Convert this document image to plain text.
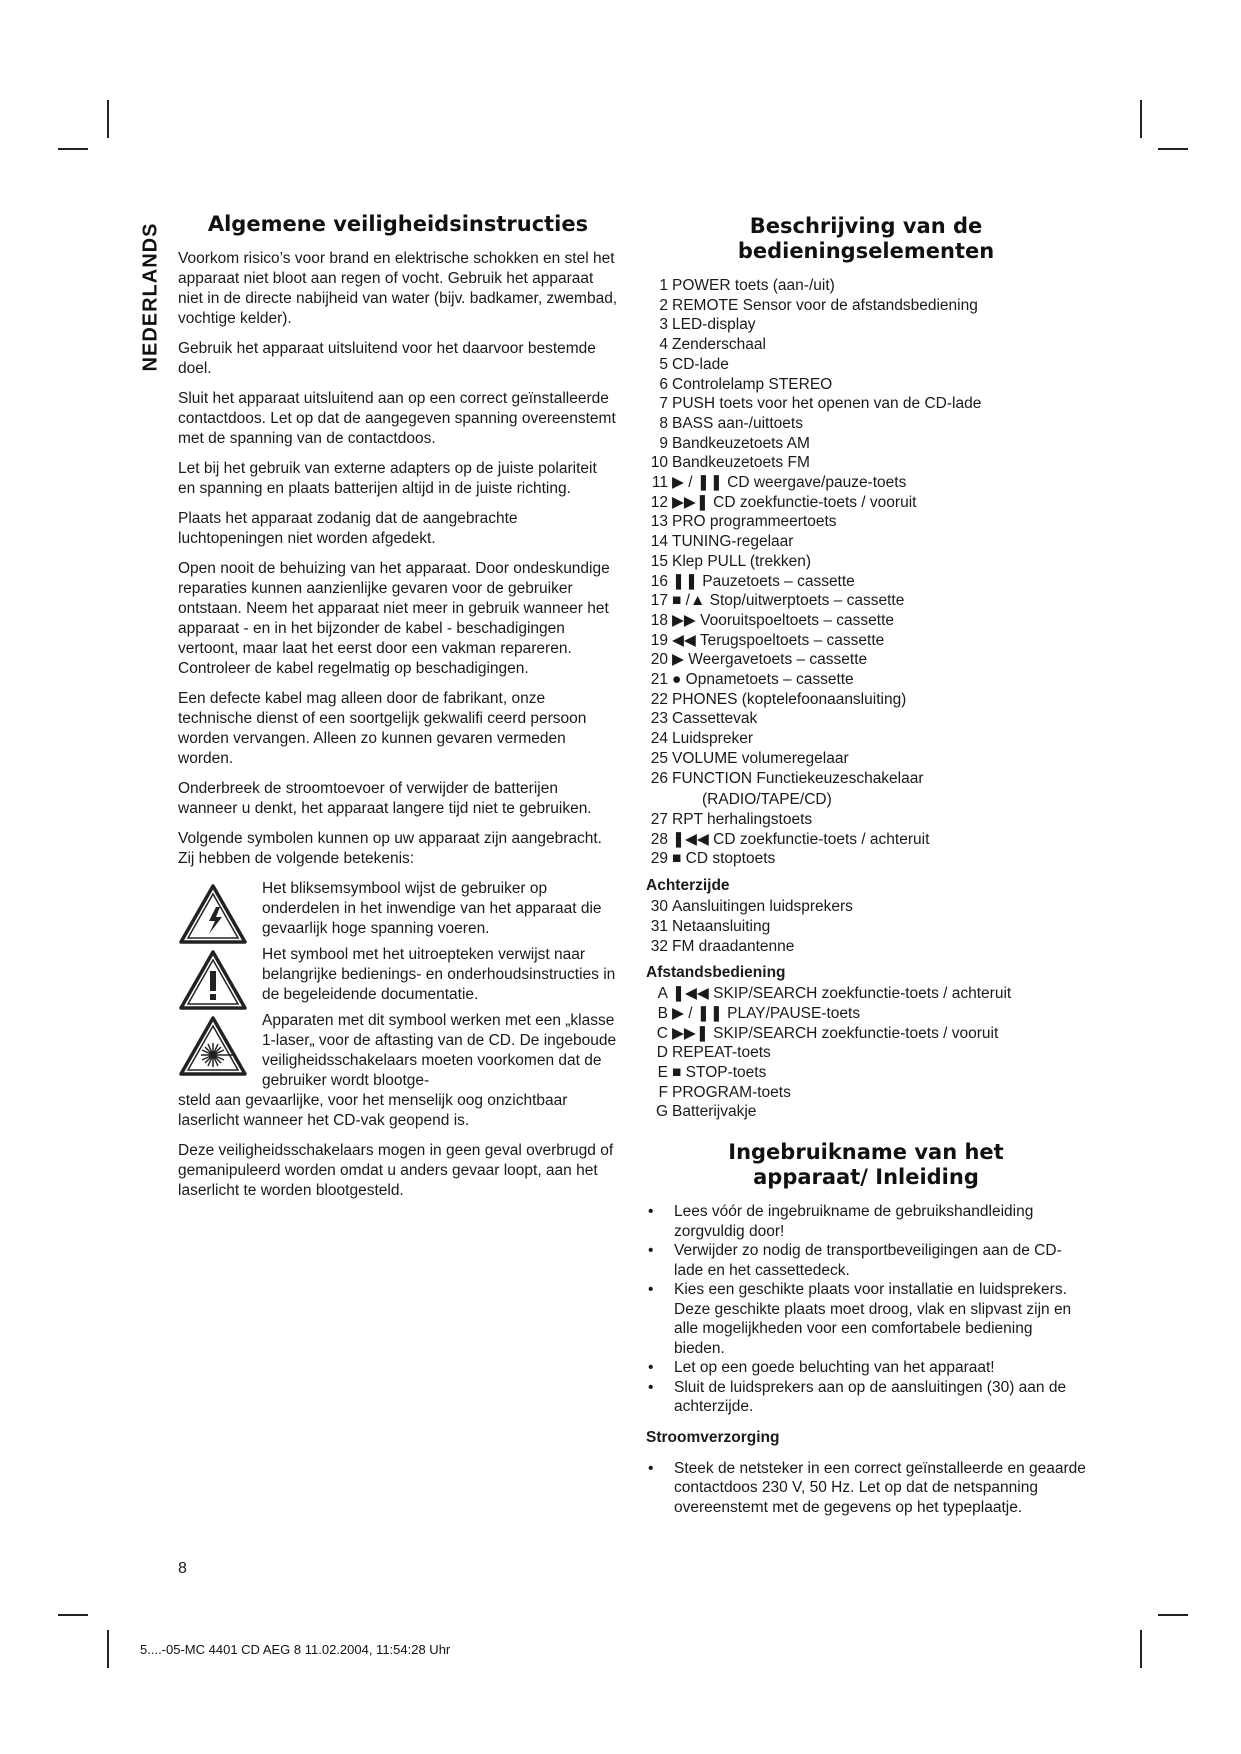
NEDERLANDS	Algemene veiligheidsinstructies

Voorkom risico’s voor brand en elektrische schokken en stel het apparaat niet bloot aan regen of vocht. Gebruik het apparaat niet in de directe nabijheid van water (bijv. badkamer, zwembad, vochtige kelder).

Gebruik het apparaat uitsluitend voor het daarvoor bestemde doel.

Sluit het apparaat uitsluitend aan op een correct geïnstalleerde contactdoos. Let op dat de aangegeven spanning overeenstemt met de spanning van de contactdoos.

Let bij het gebruik van externe adapters op de juiste polariteit en spanning en plaats batterijen altijd in de juiste richting.

Plaats het apparaat zodanig dat de aangebrachte luchtopeningen niet worden afgedekt.

Open nooit de behuizing van het apparaat. Door ondeskundige reparaties kunnen aanzienlijke gevaren voor de gebruiker ontstaan. Neem het apparaat niet meer in gebruik wanneer het apparaat - en in het bijzonder de kabel - beschadigingen vertoont, maar laat het eerst door een vakman repareren. Controleer de kabel regelmatig op beschadigingen.

Een defecte kabel mag alleen door de fabrikant, onze technische dienst of een soortgelijk gekwalifi ceerd persoon worden vervangen. Alleen zo kunnen gevaren vermeden worden.

Onderbreek de stroomtoevoer of verwijder de batterijen wanneer u denkt, het apparaat langere tijd niet te gebruiken.

Volgende symbolen kunnen op uw apparaat zijn aangebracht. Zij hebben de volgende betekenis:

Het bliksemsymbool wijst de gebruiker op onderdelen in het inwendige van het apparaat die gevaarlijk hoge spanning voeren.

Het symbool met het uitroepteken verwijst naar belangrijke bedienings- en onderhoudsinstructies in de begeleidende documentatie.

Apparaten met dit symbool werken met een „klasse 1-laser„ voor de aftasting van de CD. De ingeboude veiligheidsschakelaars moeten voorkomen dat de gebruiker wordt blootge-

steld aan gevaarlijke, voor het menselijk oog onzichtbaar laserlicht wanneer het CD-vak geopend is.

Deze veiligheidsschakelaars mogen in geen geval overbrugd of gemanipuleerd worden omdat u anders gevaar loopt, aan het laserlicht te worden blootgesteld.

Beschrijving van de bedieningselementen
1 POWER toets (aan-/uit)
2 REMOTE Sensor voor de afstandsbediening
3 LED-display
4 Zenderschaal
5 CD-lade
6 Controlelamp STEREO
7 PUSH toets voor het openen van de CD-lade
8 BASS aan-/uittoets
9 Bandkeuzetoets AM
10 Bandkeuzetoets FM
11 ▶ / ❚❚ CD weergave/pauze-toets
12 ▶▶❚ CD zoekfunctie-toets / vooruit
13 PRO programmeertoets
14 TUNING-regelaar
15 Klep PULL (trekken)
16 ❚❚ Pauzetoets – cassette
17 ■ /▲ Stop/uitwerptoets – cassette
18 ▶▶ Vooruitspoeltoets – cassette
19 ◀◀ Terugspoeltoets – cassette
20 ▶ Weergavetoets – cassette
21 ● Opnametoets – cassette
22 PHONES (koptelefoonaansluiting)
23 Cassettevak
24 Luidspreker
25 VOLUME volumeregelaar
26 FUNCTION Functiekeuzeschakelaar
(RADIO/TAPE/CD)
27 RPT herhalingstoets
28 ❚◀◀ CD zoekfunctie-toets / achteruit
29 ■ CD stoptoets
Achterzijde
30 Aansluitingen luidsprekers
31 Netaansluiting
32 FM draadantenne
Afstandsbediening
A ❚◀◀ SKIP/SEARCH zoekfunctie-toets / achteruit
B ▶ / ❚❚ PLAY/PAUSE-toets
C ▶▶❚ SKIP/SEARCH zoekfunctie-toets / vooruit
D REPEAT-toets
E ■ STOP-toets
F PROGRAM-toets
G Batterijvakje
Ingebruikname van het apparaat/ Inleiding
• Lees vóór de ingebruikname de gebruikshandleiding zorgvuldig door!
• Verwijder zo nodig de transportbeveiligingen aan de CD-lade en het cassettedeck.
• Kies een geschikte plaats voor installatie en luidsprekers. Deze geschikte plaats moet droog, vlak en slipvast zijn en alle mogelijkheden voor een comfortabele bediening bieden.
• Let op een goede beluchting van het apparaat!
• Sluit de luidsprekers aan op de aansluitingen (30) aan de achterzijde.
Stroomverzorging
• Steek de netsteker in een correct geïnstalleerde en geaarde contactdoos 230 V, 50 Hz. Let op dat de netspanning overeenstemt met de gegevens op het typeplaatje.
8
5....-05-MC 4401 CD AEG 8 11.02.2004, 11:54:28 Uhr
